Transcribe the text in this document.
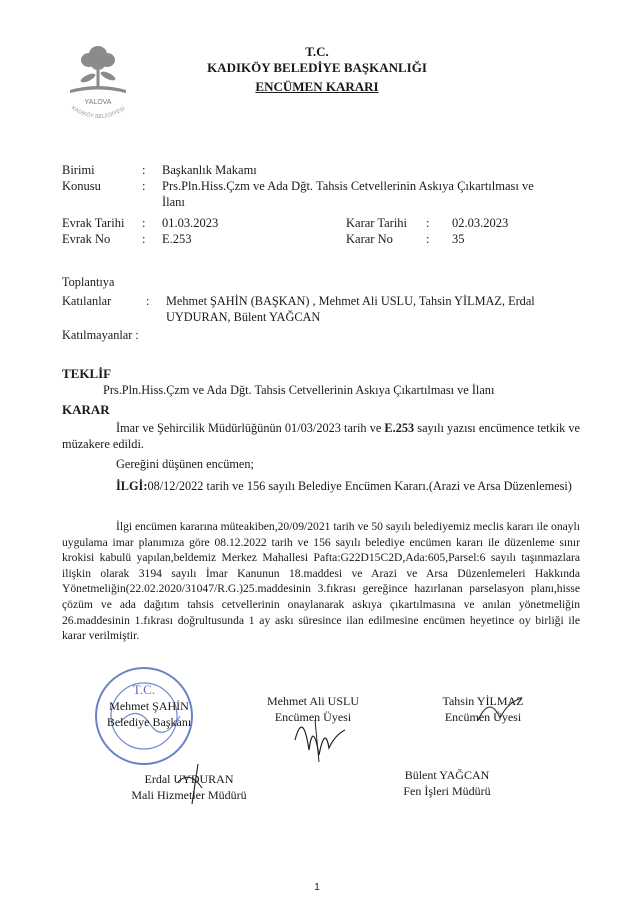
YALOVA
KADIKÖY BELEDİYESİ
T.C.
KADIKÖY BELEDİYE BAŞKANLIĞI
ENCÜMEN KARARI
Birimi	:	Başkanlık Makamı
Konusu	:	Prs.Pln.Hiss.Çzm ve Ada Dğt. Tahsis Cetvellerinin Askıya Çıkartılması ve İlanı
Evrak Tarihi	:	01.03.2023	Karar Tarihi	:	02.03.2023
Evrak No	:	E.253	Karar No	:	35
Toplantıya
Katılanlar	: Mehmet ŞAHİN (BAŞKAN) , Mehmet Ali USLU, Tahsin YİLMAZ, Erdal UYDURAN, Bülent YAĞCAN
Katılmayanlar :
TEKLİF
Prs.Pln.Hiss.Çzm ve Ada Dğt. Tahsis Cetvellerinin Askıya Çıkartılması ve İlanı
KARAR
İmar ve Şehircilik Müdürlüğünün 01/03/2023 tarih ve E.253 sayılı yazısı encümence tetkik ve müzakere edildi.
Gereğini düşünen encümen;
İLGİ:08/12/2022 tarih ve 156 sayılı Belediye Encümen Kararı.(Arazi ve Arsa Düzenlemesi)
İlgi encümen kararına müteakiben,20/09/2021 tarih ve 50 sayılı belediyemiz meclis kararı ile onaylı uygulama imar planımıza göre 08.12.2022 tarih ve 156 sayılı belediye encümen kararı ile düzenleme sınır krokisi kabulü yapılan,beldemiz Merkez Mahallesi Pafta:G22D15C2D,Ada:605,Parsel:6 sayılı taşınmazlara ilişkin olarak 3194 sayılı İmar Kanunun 18.maddesi ve Arazi ve Arsa Düzenlemeleri Hakkında Yönetmeliğin(22.02.2020/31047/R.G.)25.maddesinin 3.fıkrası gereğince hazırlanan parselasyon planı,hisse çözüm ve ada dağıtım tahsis cetvellerinin onaylanarak askıya çıkartılmasına ve anılan yönetmeliğin 26.maddesinin 1.fıkrası doğrultusunda 1 ay askı süresince ilan edilmesine encümen heyetince oy birliği ile karar verilmiştir.
T.C.
Mehmet ŞAHİN
Belediye Başkanı
Mehmet Ali USLU
Encümen Üyesi
Tahsin YİLMAZ
Encümen Üyesi
Erdal UYDURAN
Mali Hizmetler Müdürü
Bülent YAĞCAN
Fen İşleri Müdürü
1
